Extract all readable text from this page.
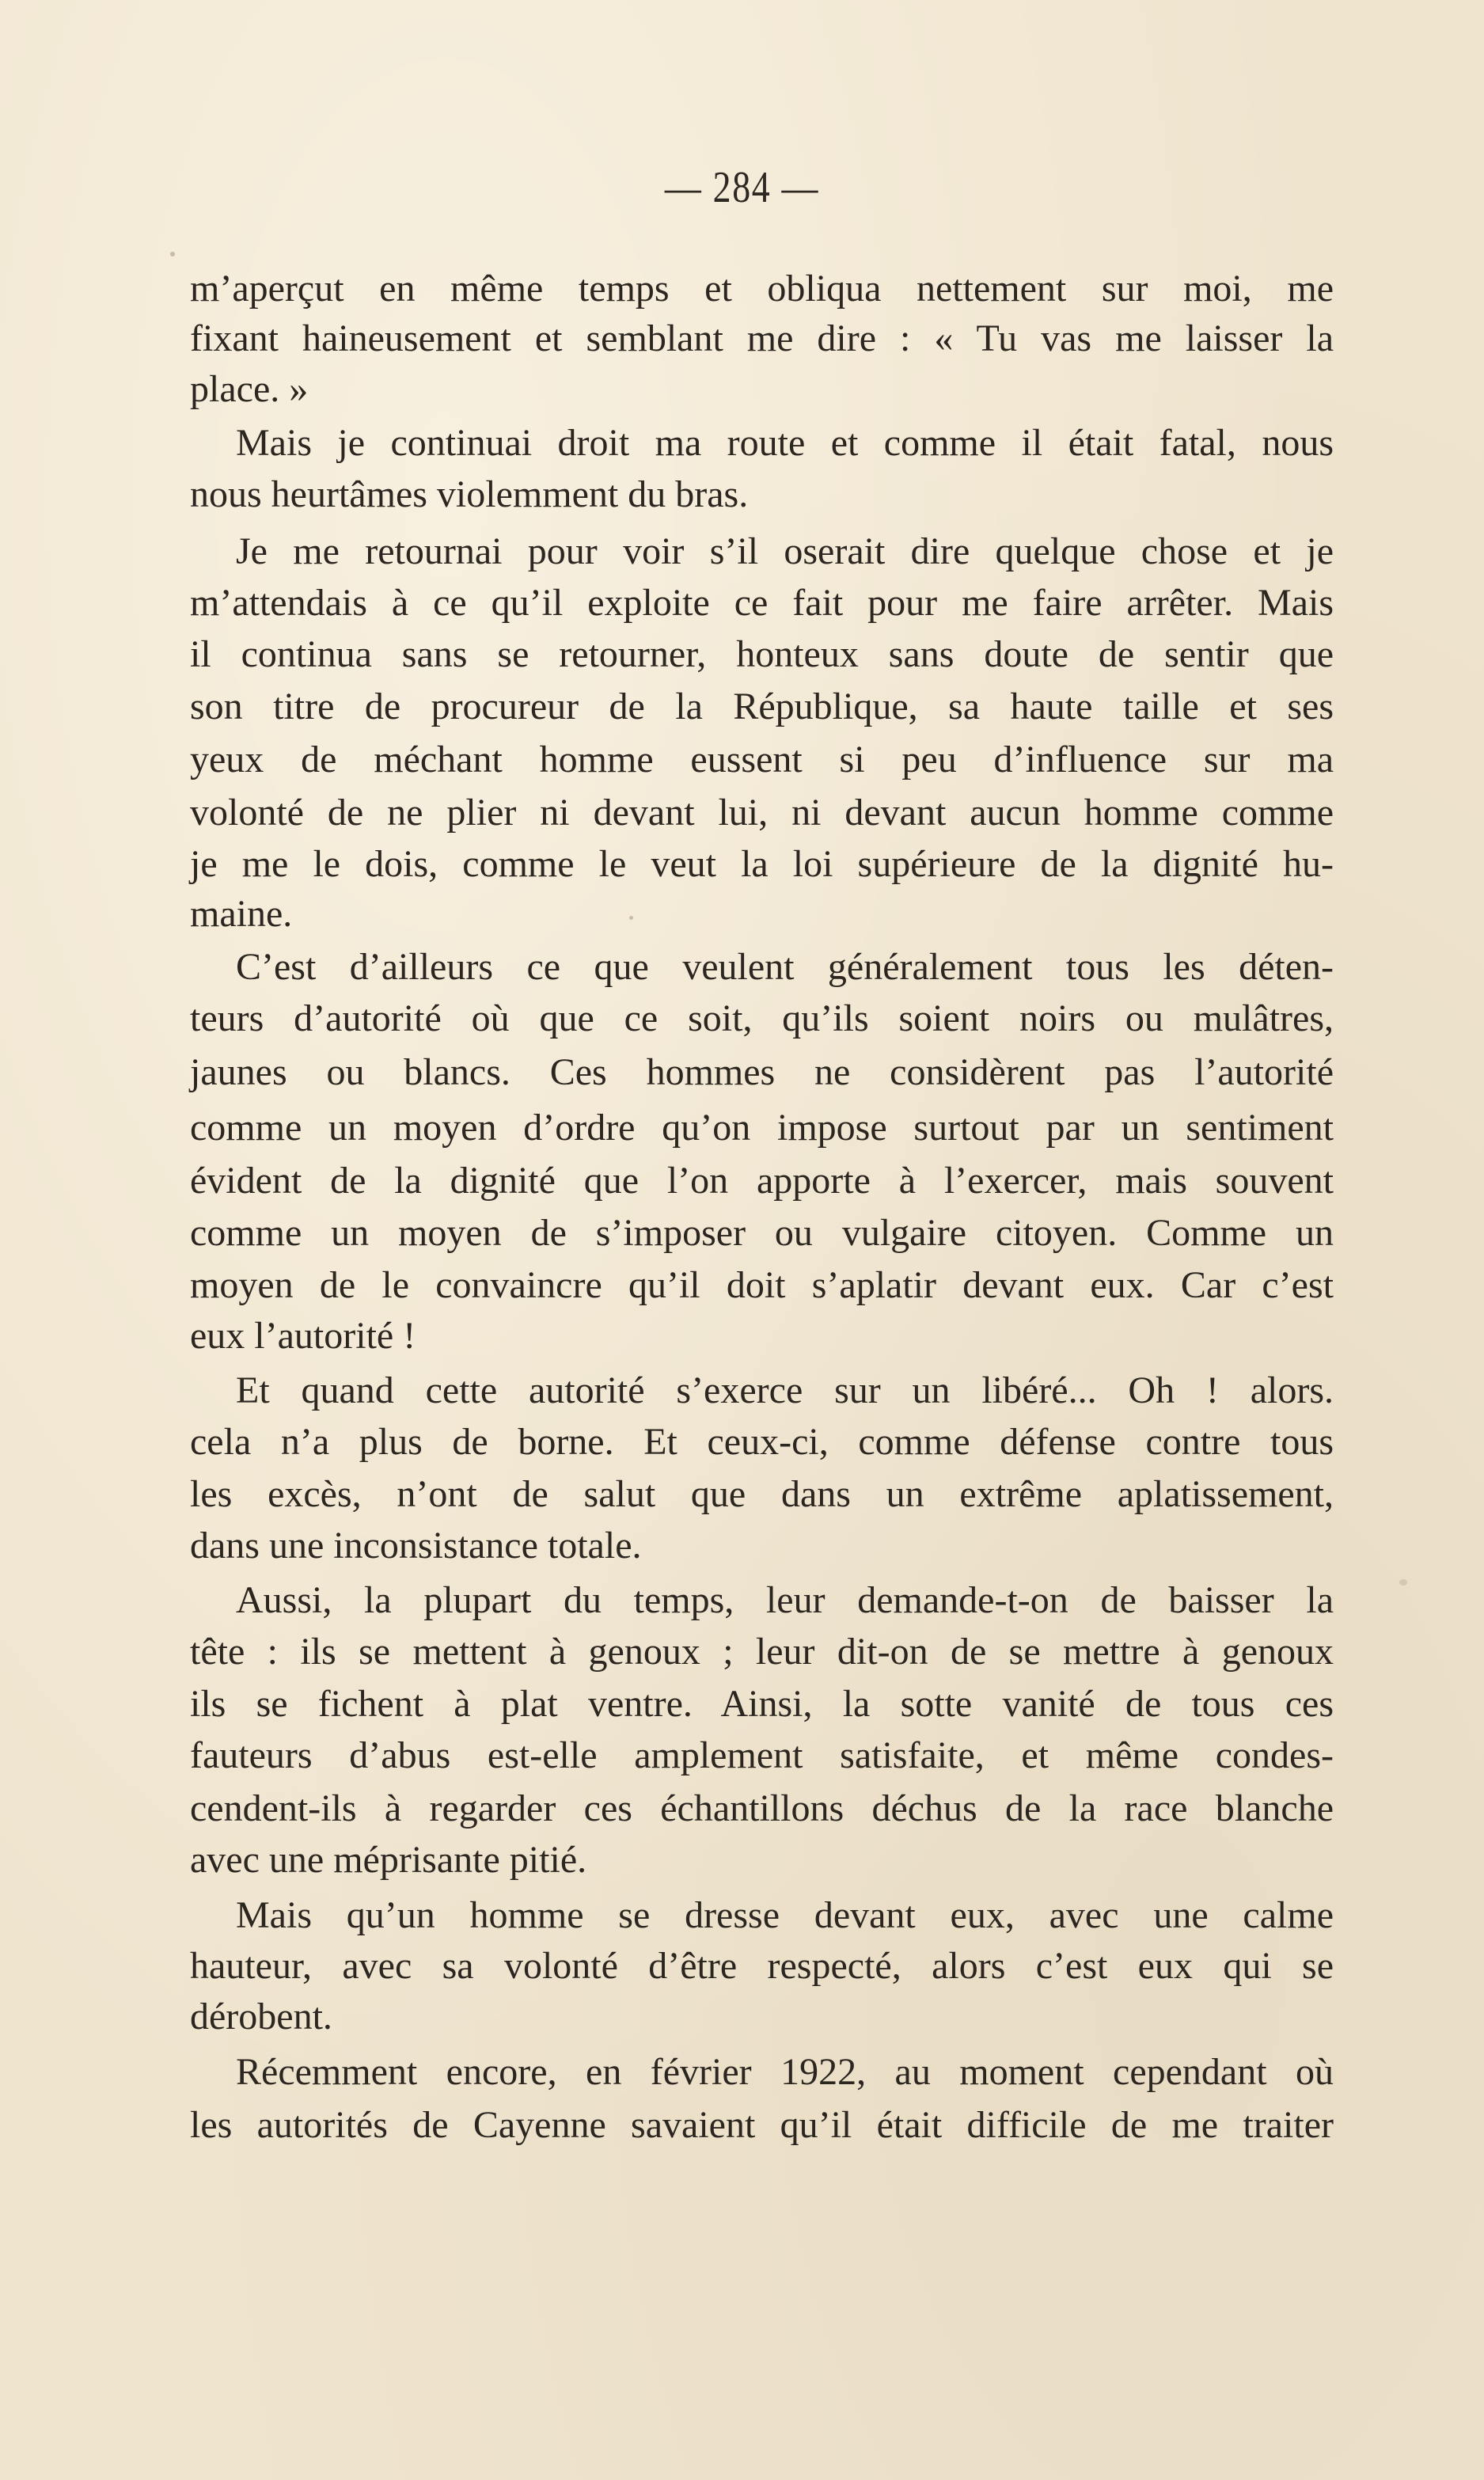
— 284 —
m’aperçut en même temps et obliqua nettement sur moi, me
fixant haineusement et semblant me dire : « Tu vas me laisser la
place. »
Mais je continuai droit ma route et comme il était fatal, nous
nous heurtâmes violemment du bras.
Je me retournai pour voir s’il oserait dire quelque chose et je
m’attendais à ce qu’il exploite ce fait pour me faire arrêter. Mais
il continua sans se retourner, honteux sans doute de sentir que
son titre de procureur de la République, sa haute taille et ses
yeux de méchant homme eussent si peu d’influence sur ma
volonté de ne plier ni devant lui, ni devant aucun homme comme
je me le dois, comme le veut la loi supérieure de la dignité hu-
maine.
C’est d’ailleurs ce que veulent généralement tous les déten-
teurs d’autorité où que ce soit, qu’ils soient noirs ou mulâtres,
jaunes ou blancs. Ces hommes ne considèrent pas l’autorité
comme un moyen d’ordre qu’on impose surtout par un sentiment
évident de la dignité que l’on apporte à l’exercer, mais souvent
comme un moyen de s’imposer ou vulgaire citoyen. Comme un
moyen de le convaincre qu’il doit s’aplatir devant eux. Car c’est
eux l’autorité !
Et quand cette autorité s’exerce sur un libéré... Oh ! alors.
cela n’a plus de borne. Et ceux-ci, comme défense contre tous
les excès, n’ont de salut que dans un extrême aplatissement,
dans une inconsistance totale.
Aussi, la plupart du temps, leur demande-t-on de baisser la
tête : ils se mettent à genoux ; leur dit-on de se mettre à genoux
ils se fichent à plat ventre. Ainsi, la sotte vanité de tous ces
fauteurs d’abus est-elle amplement satisfaite, et même condes-
cendent-ils à regarder ces échantillons déchus de la race blanche
avec une méprisante pitié.
Mais qu’un homme se dresse devant eux, avec une calme
hauteur, avec sa volonté d’être respecté, alors c’est eux qui se
dérobent.
Récemment encore, en février 1922, au moment cependant où
les autorités de Cayenne savaient qu’il était difficile de me traiter
